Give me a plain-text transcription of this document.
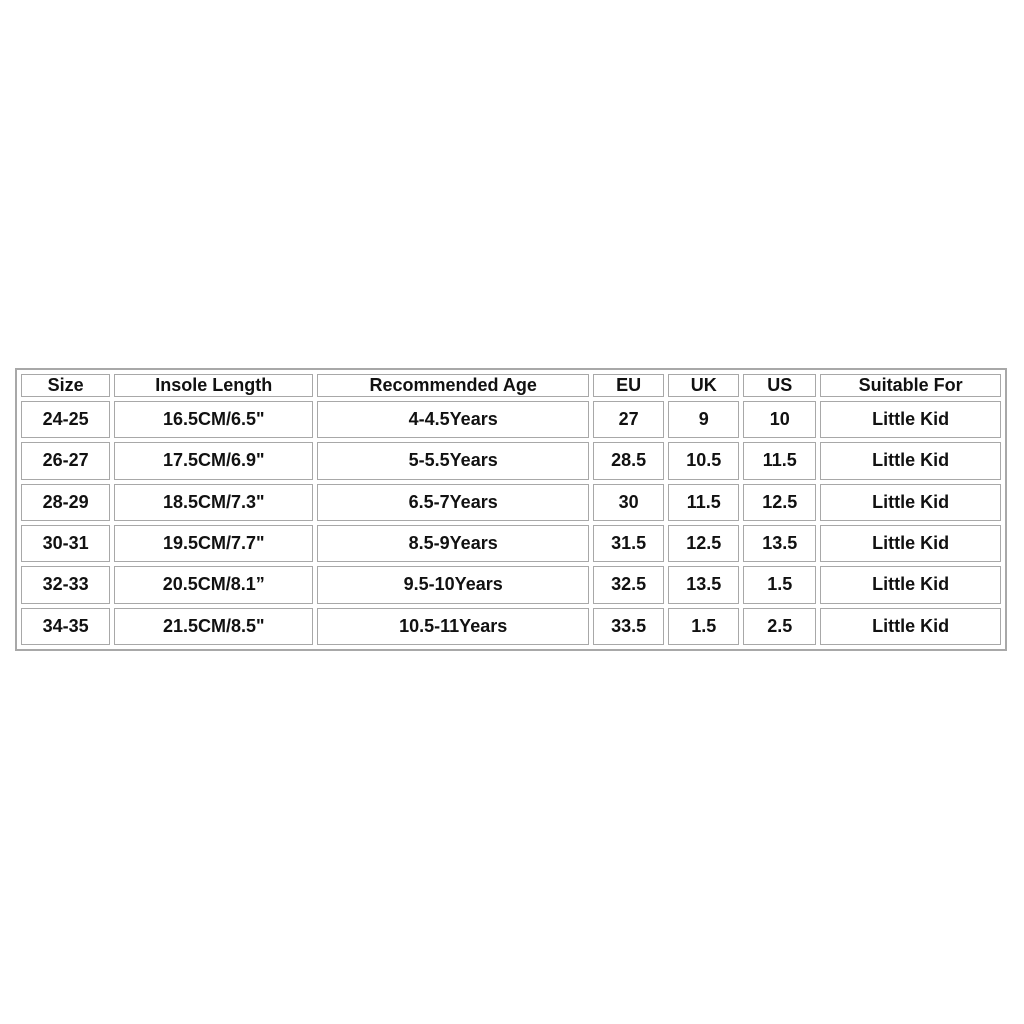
Size	Insole Length	Recommended Age	EU	UK	US	Suitable For
24-25	16.5CM/6.5"	4-4.5Years	27	9	10	Little Kid
26-27	17.5CM/6.9"	5-5.5Years	28.5	10.5	11.5	Little Kid
28-29	18.5CM/7.3"	6.5-7Years	30	11.5	12.5	Little Kid
30-31	19.5CM/7.7"	8.5-9Years	31.5	12.5	13.5	Little Kid
32-33	20.5CM/8.1”	9.5-10Years	32.5	13.5	1.5	Little Kid
34-35	21.5CM/8.5"	10.5-11Years	33.5	1.5	2.5	Little Kid
